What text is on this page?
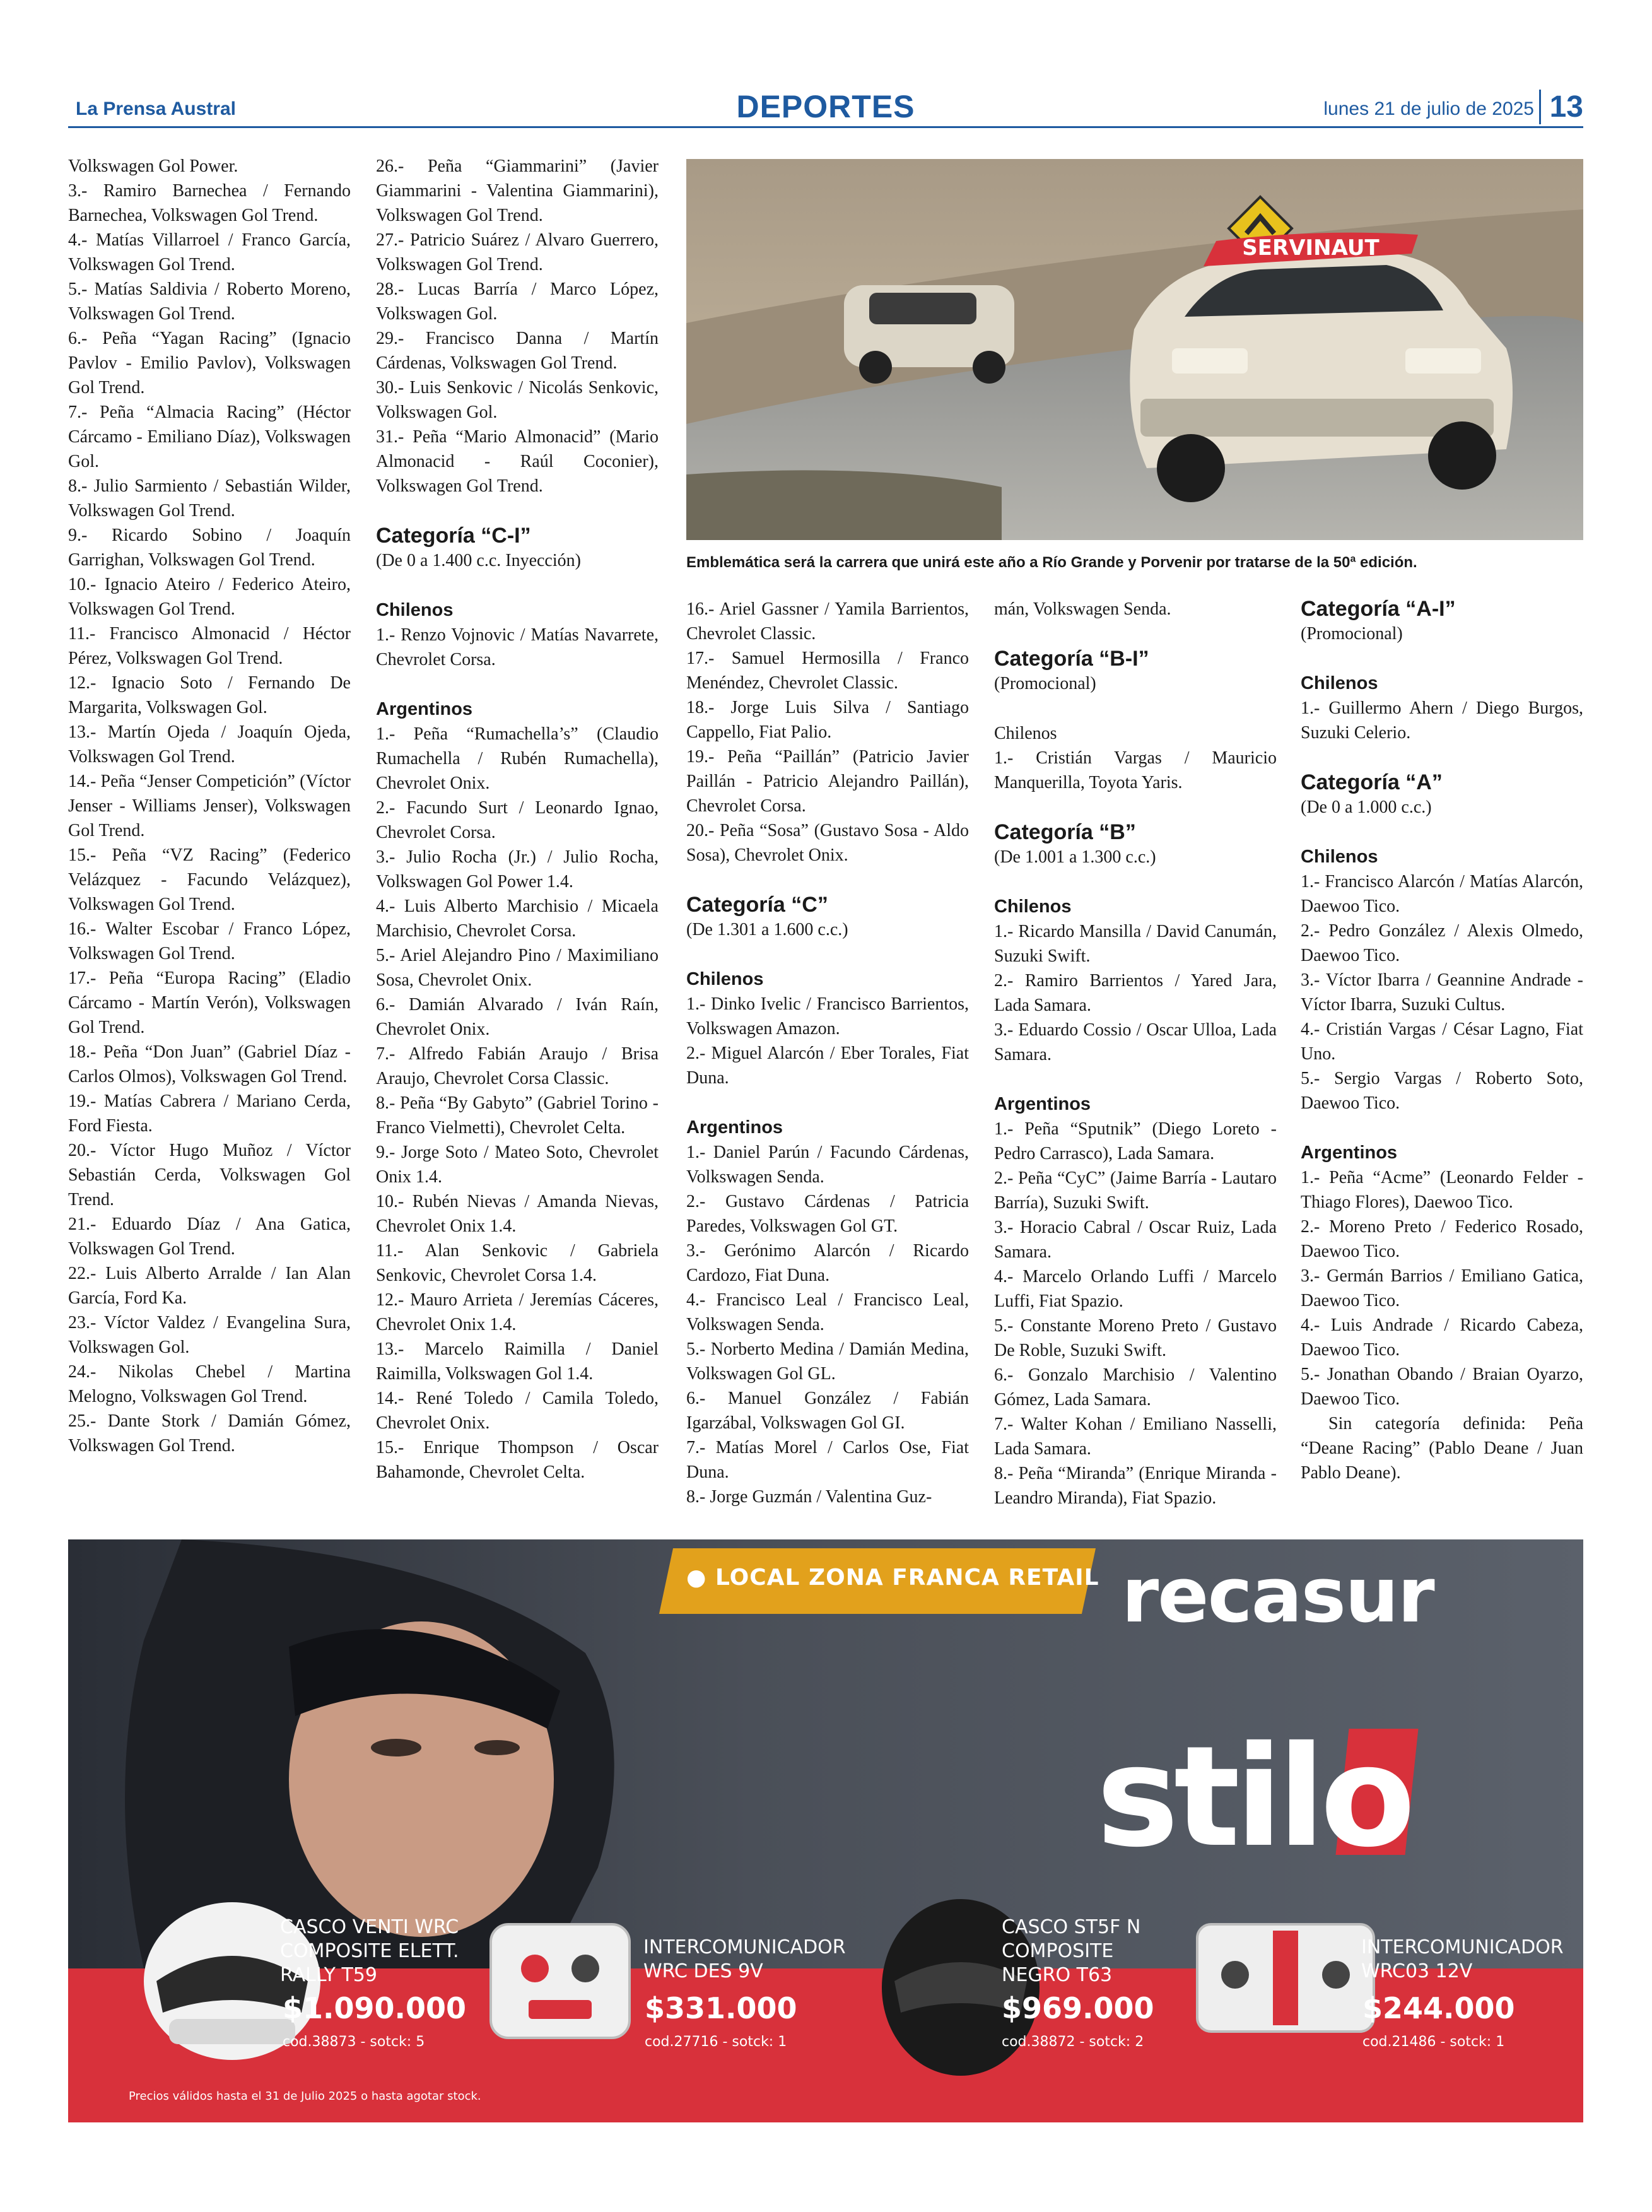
La Prensa Austral	DEPORTES	lunes 21 de julio de 2025 13

Volkswagen Gol Power.

3.- Ramiro Barnechea / Fernando Barnechea, Volkswagen Gol Trend.

4.- Matías Villarroel / Franco García, Volkswagen Gol Trend.

5.- Matías Saldivia / Roberto Moreno, Volkswagen Gol Trend.

6.- Peña “Yagan Racing” (Ignacio Pavlov - Emilio Pavlov), Volkswagen Gol Trend.

7.- Peña “Almacia Racing” (Héctor Cárcamo - Emiliano Díaz), Volkswagen Gol.

8.- Julio Sarmiento / Sebastián Wilder, Volkswagen Gol Trend.

9.- Ricardo Sobino / Joaquín Garrighan, Volkswagen Gol Trend.

10.- Ignacio Ateiro / Federico Ateiro, Volkswagen Gol Trend.

11.- Francisco Almonacid / Héctor Pérez, Volkswagen Gol Trend.

12.- Ignacio Soto / Fernando De Margarita, Volkswagen Gol.

13.- Martín Ojeda / Joaquín Ojeda, Volkswagen Gol Trend.

14.- Peña “Jenser Competición” (Víctor Jenser - Williams Jenser), Volkswagen Gol Trend.

15.- Peña “VZ Racing” (Federico Velázquez - Facundo Velázquez), Volkswagen Gol Trend.

16.- Walter Escobar / Franco López, Volkswagen Gol Trend.

17.- Peña “Europa Racing” (Eladio Cárcamo - Martín Verón), Volkswagen Gol Trend.

18.- Peña “Don Juan” (Gabriel Díaz - Carlos Olmos), Volkswagen Gol Trend.

19.- Matías Cabrera / Mariano Cerda, Ford Fiesta.

20.- Víctor Hugo Muñoz / Víctor Sebastián Cerda, Volkswagen Gol Trend.

21.- Eduardo Díaz / Ana Gatica, Volkswagen Gol Trend.

22.- Luis Alberto Arralde / Ian Alan García, Ford Ka.

23.- Víctor Valdez / Evangelina Sura, Volkswagen Gol.

24.- Nikolas Chebel / Martina Melogno, Volkswagen Gol Trend.

25.- Dante Stork / Damián Gómez, Volkswagen Gol Trend.

26.- Peña “Giammarini” (Javier Giammarini - Valentina Giammarini), Volkswagen Gol Trend.

27.- Patricio Suárez / Alvaro Guerrero, Volkswagen Gol Trend.

28.- Lucas Barría / Marco López, Volkswagen Gol.

29.- Francisco Danna / Martín Cárdenas, Volkswagen Gol Trend.

30.- Luis Senkovic / Nicolás Senkovic, Volkswagen Gol.

31.- Peña “Mario Almonacid” (Mario Almonacid - Raúl Coconier), Volkswagen Gol Trend.

Categoría “C-I”

(De 0 a 1.400 c.c. Inyección)

Chilenos

1.- Renzo Vojnovic / Matías Navarrete, Chevrolet Corsa.

Argentinos

1.- Peña “Rumachella’s” (Claudio Rumachella / Rubén Rumachella), Chevrolet Onix.

2.- Facundo Surt / Leonardo Ignao, Chevrolet Corsa.

3.- Julio Rocha (Jr.) / Julio Rocha, Volkswagen Gol Power 1.4.

4.- Luis Alberto Marchisio / Micaela Marchisio, Chevrolet Corsa.

5.- Ariel Alejandro Pino / Maximiliano Sosa, Chevrolet Onix.

6.- Damián Alvarado / Iván Raín, Chevrolet Onix.

7.- Alfredo Fabián Araujo / Brisa Araujo, Chevrolet Corsa Classic.

8.- Peña “By Gabyto” (Gabriel Torino - Franco Vielmetti), Chevrolet Celta.

9.- Jorge Soto / Mateo Soto, Chevrolet Onix 1.4.

10.- Rubén Nievas / Amanda Nievas, Chevrolet Onix 1.4.

11.- Alan Senkovic / Gabriela Senkovic, Chevrolet Corsa 1.4.

12.- Mauro Arrieta / Jeremías Cáceres, Chevrolet Onix 1.4.

13.- Marcelo Raimilla / Daniel Raimilla, Volkswagen Gol 1.4.

14.- René Toledo / Camila Toledo, Chevrolet Onix.

15.- Enrique Thompson / Oscar Bahamonde, Chevrolet Celta.

SERVINAUT
Emblemática será la carrera que unirá este año a Río Grande y Porvenir por tratarse de la 50ª edición.

16.- Ariel Gassner / Yamila Barrientos, Chevrolet Classic.

17.- Samuel Hermosilla / Franco Menéndez, Chevrolet Classic.

18.- Jorge Luis Silva / Santiago Cappello, Fiat Palio.

19.- Peña “Paillán” (Patricio Javier Paillán - Patricio Alejandro Paillán), Chevrolet Corsa.

20.- Peña “Sosa” (Gustavo Sosa - Aldo Sosa), Chevrolet Onix.

Categoría “C”

(De 1.301 a 1.600 c.c.)

Chilenos

1.- Dinko Ivelic / Francisco Barrientos, Volkswagen Amazon.

2.- Miguel Alarcón / Eber Torales, Fiat Duna.

Argentinos

1.- Daniel Parún / Facundo Cárdenas, Volkswagen Senda.

2.- Gustavo Cárdenas / Patricia Paredes, Volkswagen Gol GT.

3.- Gerónimo Alarcón / Ricardo Cardozo, Fiat Duna.

4.- Francisco Leal / Francisco Leal, Volkswagen Senda.

5.- Norberto Medina / Damián Medina, Volkswagen Gol GL.

6.- Manuel González / Fabián Igarzábal, Volkswagen Gol GI.

7.- Matías Morel / Carlos Ose, Fiat Duna.

8.- Jorge Guzmán / Valentina Guz-

mán, Volkswagen Senda.

Categoría “B-I”

(Promocional)

Chilenos

1.- Cristián Vargas / Mauricio Manquerilla, Toyota Yaris.

Categoría “B”

(De 1.001 a 1.300 c.c.)

Chilenos

1.- Ricardo Mansilla / David Canumán, Suzuki Swift.

2.- Ramiro Barrientos / Yared Jara, Lada Samara.

3.- Eduardo Cossio / Oscar Ulloa, Lada Samara.

Argentinos

1.- Peña “Sputnik” (Diego Loreto - Pedro Carrasco), Lada Samara.

2.- Peña “CyC” (Jaime Barría - Lautaro Barría), Suzuki Swift.

3.- Horacio Cabral / Oscar Ruiz, Lada Samara.

4.- Marcelo Orlando Luffi / Marcelo Luffi, Fiat Spazio.

5.- Constante Moreno Preto / Gustavo De Roble, Suzuki Swift.

6.- Gonzalo Marchisio / Valentino Gómez, Lada Samara.

7.- Walter Kohan / Emiliano Nasselli, Lada Samara.

8.- Peña “Miranda” (Enrique Miranda - Leandro Miranda), Fiat Spazio.

Categoría “A-I”

(Promocional)

Chilenos

1.- Guillermo Ahern / Diego Burgos, Suzuki Celerio.

Categoría “A”

(De 0 a 1.000 c.c.)

Chilenos

1.- Francisco Alarcón / Matías Alarcón, Daewoo Tico.

2.- Pedro González / Alexis Olmedo, Daewoo Tico.

3.- Víctor Ibarra / Geannine Andrade - Víctor Ibarra, Suzuki Cultus.

4.- Cristián Vargas / César Lagno, Fiat Uno.

5.- Sergio Vargas / Roberto Soto, Daewoo Tico.

Argentinos

1.- Peña “Acme” (Leonardo Felder - Thiago Flores), Daewoo Tico.

2.- Moreno Preto / Federico Rosado, Daewoo Tico.

3.- Germán Barrios / Emiliano Gatica, Daewoo Tico.

4.- Luis Andrade / Ricardo Cabeza, Daewoo Tico.

5.- Jonathan Obando / Braian Oyarzo, Daewoo Tico.

Sin categoría definida: Peña “Deane Racing” (Pablo Deane / Juan Pablo Deane).

● LOCAL ZONA FRANCA RETAIL recasur
stilo
CASCO VENTI WRC
COMPOSITE ELETT.
RALLY T59
$1.090.000
cod.38873 - sotck: 5
INTERCOMUNICADOR
WRC DES 9V
$331.000
cod.27716 - sotck: 1
CASCO ST5F N
COMPOSITE
NEGRO T63
$969.000
cod.38872 - sotck: 2
INTERCOMUNICADOR
WRC03 12V
$244.000
cod.21486 - sotck: 1
Precios válidos hasta el 31 de Julio 2025 o hasta agotar stock.
